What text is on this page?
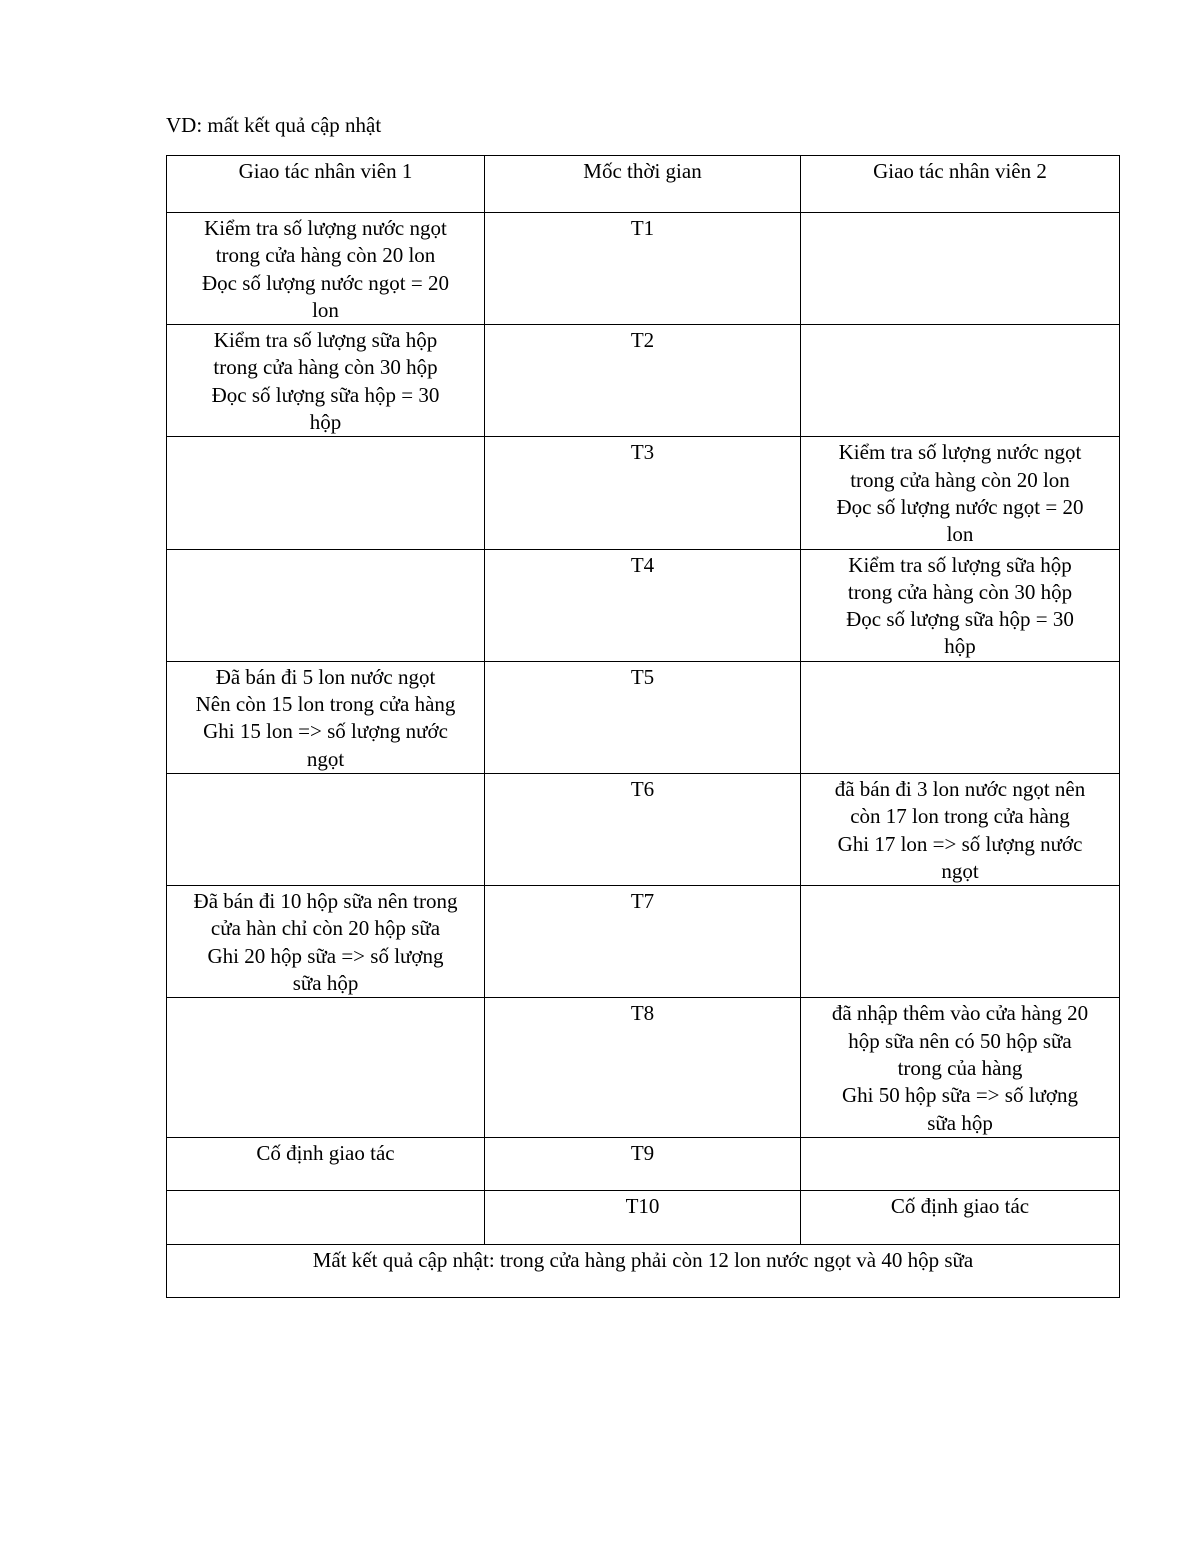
VD: mất kết quả cập nhật
Giao tác nhân viên 1	Mốc thời gian	Giao tác nhân viên 2

Kiểm tra số lượng nước ngọt
trong cửa hàng còn 20 lon
Đọc số lượng nước ngọt = 20
lon	T1	

Kiểm tra số lượng sữa hộp
trong cửa hàng còn 30 hộp
Đọc số lượng sữa hộp = 30
hộp	T2	

	T3	Kiểm tra số lượng nước ngọt
trong cửa hàng còn 20 lon
Đọc số lượng nước ngọt = 20
lon

	T4	Kiểm tra số lượng sữa hộp
trong cửa hàng còn 30 hộp
Đọc số lượng sữa hộp = 30
hộp

Đã bán đi 5 lon nước ngọt
Nên còn 15 lon trong cửa hàng
Ghi 15 lon => số lượng nước
ngọt	T5	

	T6	đã bán đi 3 lon nước ngọt nên
còn 17 lon trong cửa hàng
Ghi 17 lon => số lượng nước
ngọt

Đã bán đi 10 hộp sữa nên trong
cửa hàn chỉ còn 20 hộp sữa
Ghi 20 hộp sữa => số lượng
sữa hộp	T7	

	T8	đã nhập thêm vào cửa hàng 20
hộp sữa nên có 50 hộp sữa
trong của hàng
Ghi 50 hộp sữa => số lượng
sữa hộp

Cố định giao tác	T9	

	T10	Cố định giao tác

Mất kết quả cập nhật: trong cửa hàng phải còn 12 lon nước ngọt và 40 hộp sữa		
